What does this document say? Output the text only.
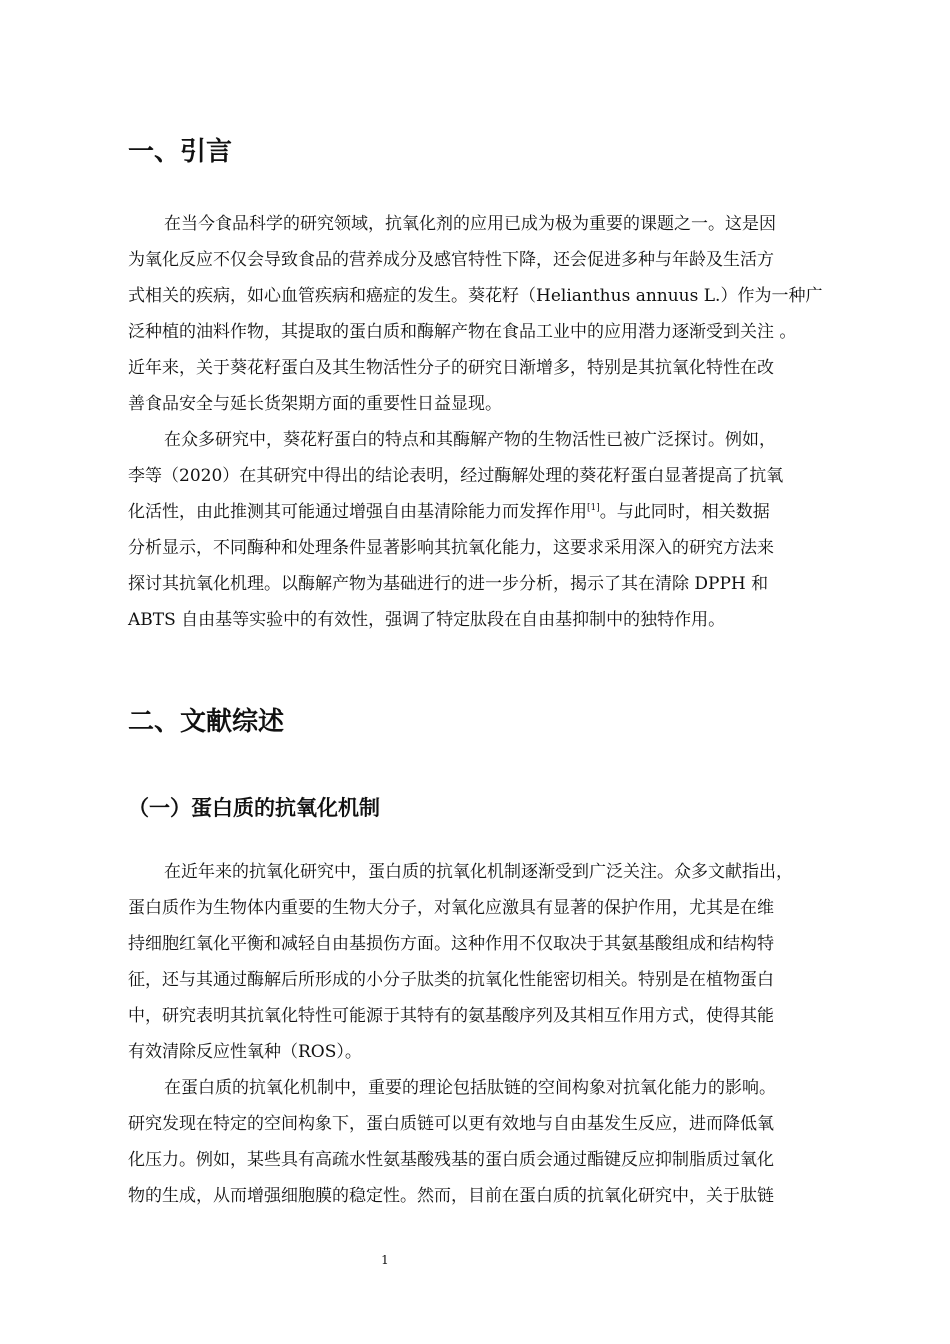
一、引言

在当今食品科学的研究领域，抗氧化剂的应用已成为极为重要的课题之一。这是因

为氧化反应不仅会导致食品的营养成分及感官特性下降，还会促进多种与年龄及生活方

式相关的疾病，如心血管疾病和癌症的发生。葵花籽（Helianthus annuus L.）作为一种广

泛种植的油料作物，其提取的蛋白质和酶解产物在食品工业中的应用潜力逐渐受到关注 。

近年来，关于葵花籽蛋白及其生物活性分子的研究日渐增多，特别是其抗氧化特性在改

善食品安全与延长货架期方面的重要性日益显现。

在众多研究中，葵花籽蛋白的特点和其酶解产物的生物活性已被广泛探讨。例如，

李等（2020）在其研究中得出的结论表明，经过酶解处理的葵花籽蛋白显著提高了抗氧

化活性，由此推测其可能通过增强自由基清除能力而发挥作用[1]。与此同时，相关数据

分析显示，不同酶种和处理条件显著影响其抗氧化能力，这要求采用深入的研究方法来

探讨其抗氧化机理。以酶解产物为基础进行的进一步分析，揭示了其在清除 DPPH 和

ABTS 自由基等实验中的有效性，强调了特定肽段在自由基抑制中的独特作用。

二、文献综述
（一）蛋白质的抗氧化机制

在近年来的抗氧化研究中，蛋白质的抗氧化机制逐渐受到广泛关注。众多文献指出，

蛋白质作为生物体内重要的生物大分子，对氧化应激具有显著的保护作用，尤其是在维

持细胞红氧化平衡和减轻自由基损伤方面。这种作用不仅取决于其氨基酸组成和结构特

征，还与其通过酶解后所形成的小分子肽类的抗氧化性能密切相关。特别是在植物蛋白

中，研究表明其抗氧化特性可能源于其特有的氨基酸序列及其相互作用方式，使得其能

有效清除反应性氧种（ROS）。

在蛋白质的抗氧化机制中，重要的理论包括肽链的空间构象对抗氧化能力的影响。

研究发现在特定的空间构象下，蛋白质链可以更有效地与自由基发生反应，进而降低氧

化压力。例如，某些具有高疏水性氨基酸残基的蛋白质会通过酯键反应抑制脂质过氧化

物的生成，从而增强细胞膜的稳定性。然而，目前在蛋白质的抗氧化研究中，关于肽链

1
